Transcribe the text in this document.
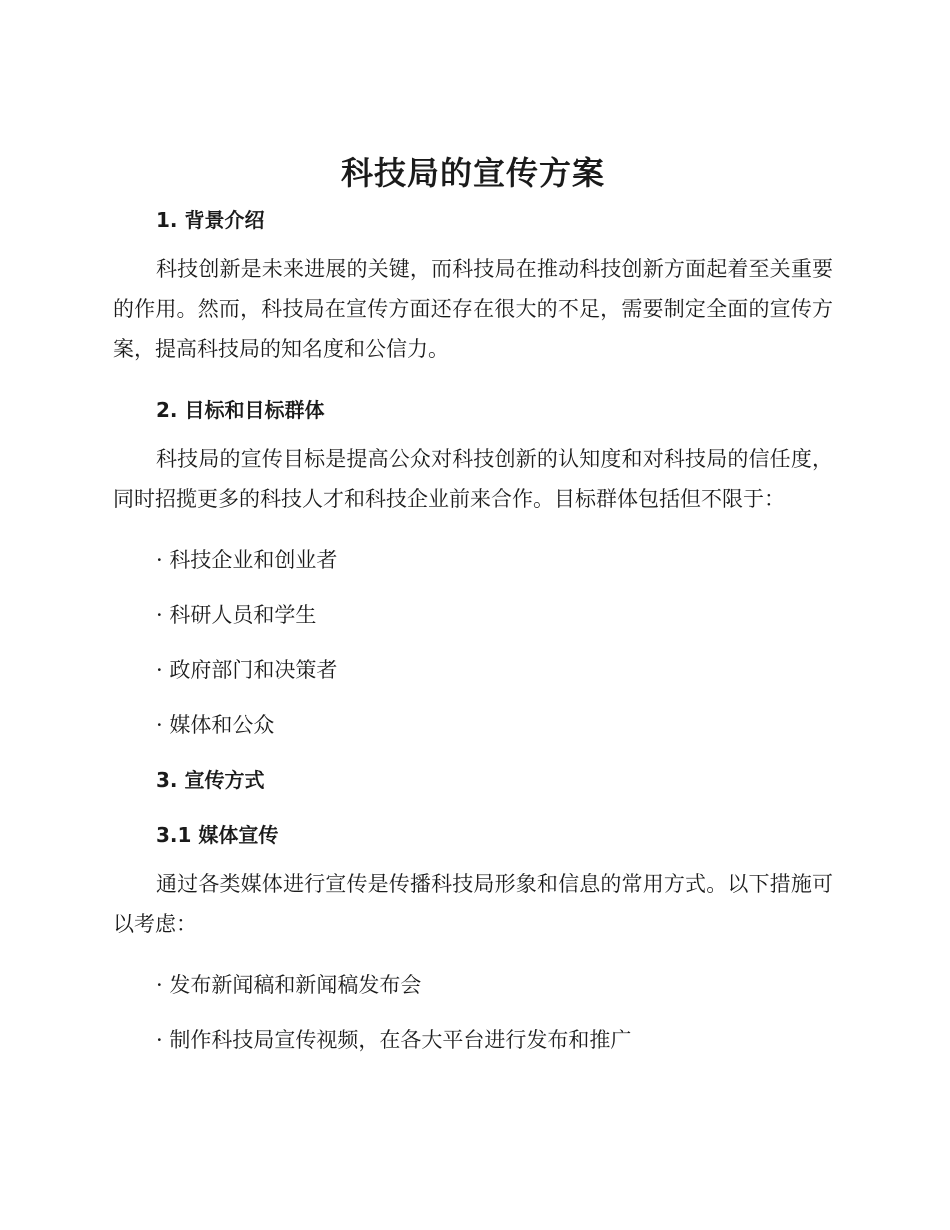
科技局的宣传方案

1. 背景介绍

科技创新是未来进展的关键，而科技局在推动科技创新方面起着至关重要的作用。然而，科技局在宣传方面还存在很大的不足，需要制定全面的宣传方案，提高科技局的知名度和公信力。

2. 目标和目标群体

科技局的宣传目标是提高公众对科技创新的认知度和对科技局的信任度，同时招揽更多的科技人才和科技企业前来合作。目标群体包括但不限于：

· 科技企业和创业者

· 科研人员和学生

· 政府部门和决策者

· 媒体和公众

3. 宣传方式

3.1 媒体宣传

通过各类媒体进行宣传是传播科技局形象和信息的常用方式。以下措施可以考虑：

· 发布新闻稿和新闻稿发布会

· 制作科技局宣传视频，在各大平台进行发布和推广
